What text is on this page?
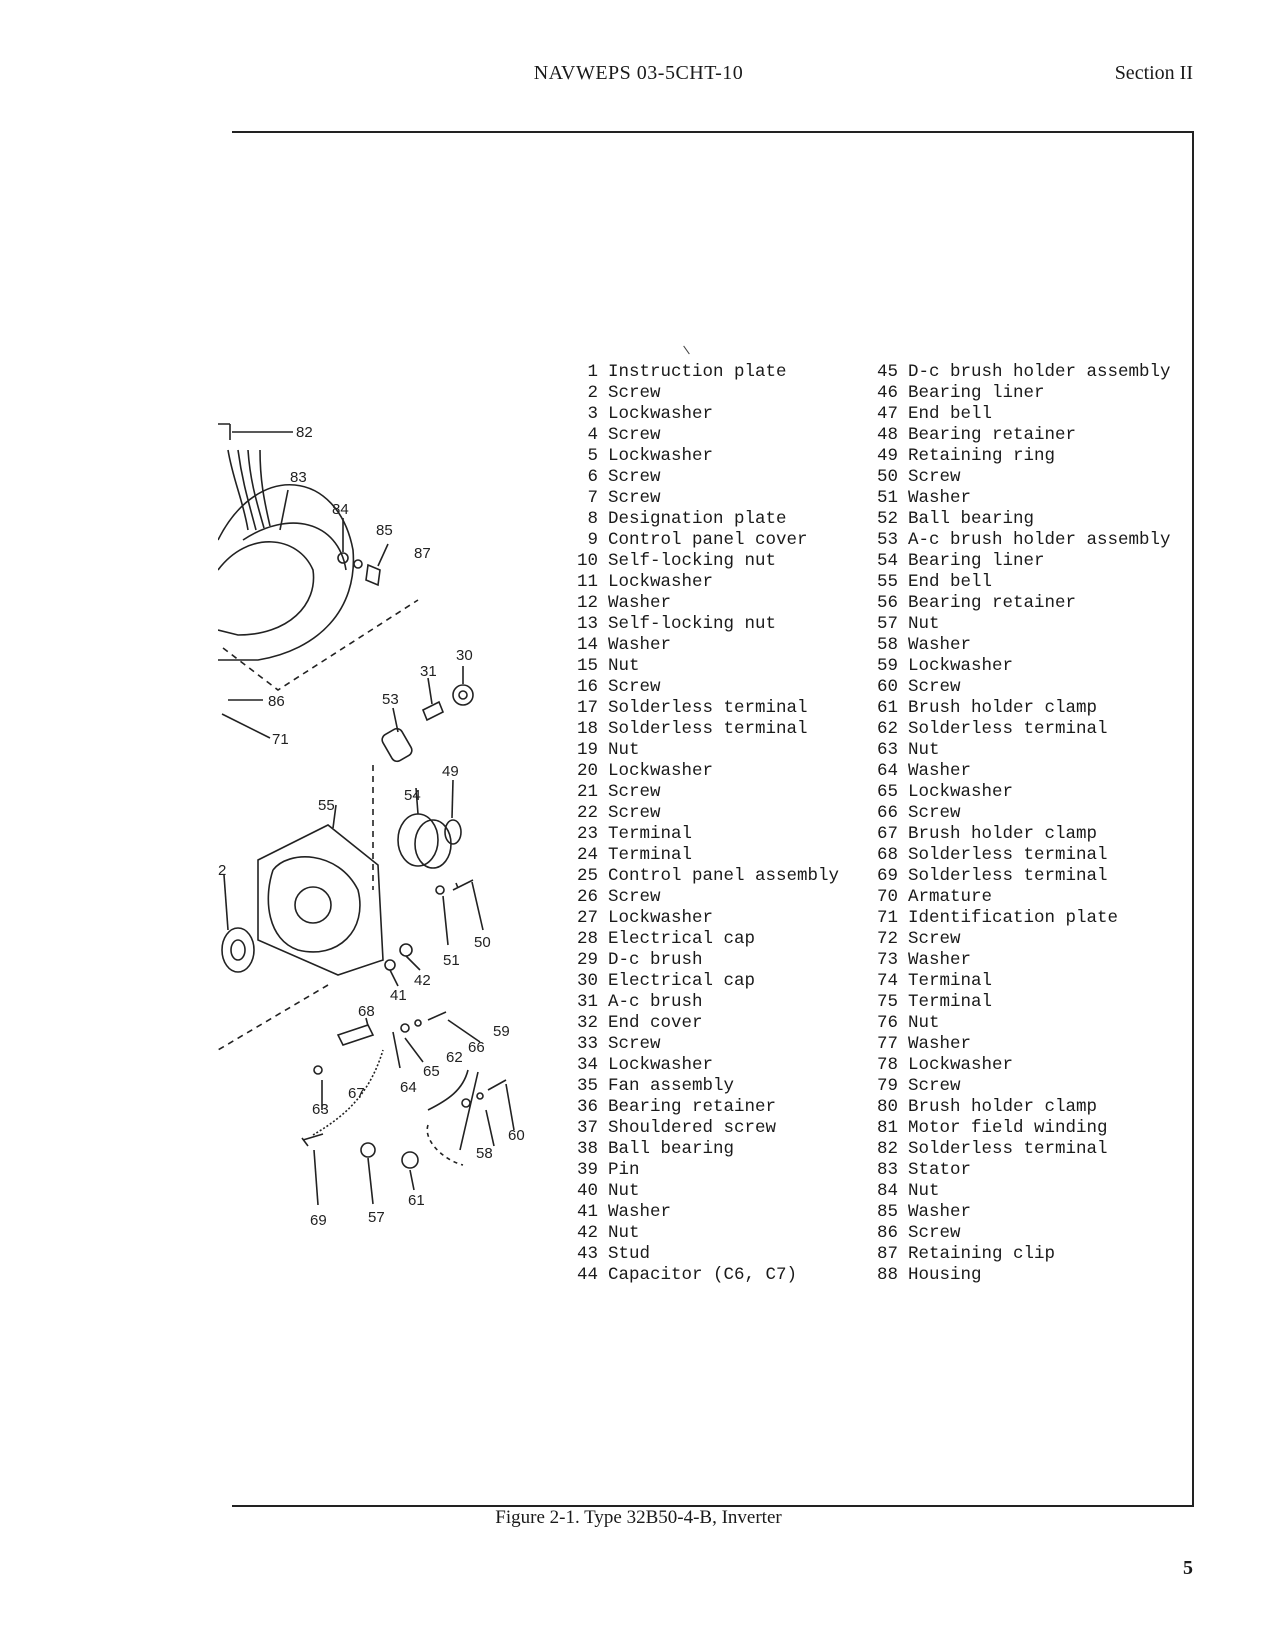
NAVWEPS 03-5CHT-10	Section II
82
83
84
85
87
30
31
53
86
71
49
54
55
2
50
51
42
41
68
66
59
65
62
67 64
63
60
58
61
69	57
1 Instruction plate
2 Screw
3 Lockwasher
4 Screw
5 Lockwasher
6 Screw
7 Screw
8 Designation plate
9 Control panel cover
10 Self-locking nut
11 Lockwasher
12 Washer
13 Self-locking nut
14 Washer
15 Nut
16 Screw
17 Solderless terminal
18 Solderless terminal
19 Nut
20 Lockwasher
21 Screw
22 Screw
23 Terminal
24 Terminal
25 Control panel assembly
26 Screw
27 Lockwasher
28 Electrical cap
29 D-c brush
30 Electrical cap
31 A-c brush
32 End cover
33 Screw
34 Lockwasher
35 Fan assembly
36 Bearing retainer
37 Shouldered screw
38 Ball bearing
39 Pin
40 Nut
41 Washer
42 Nut
43 Stud
44 Capacitor (C6, C7)
45 D-c brush holder assembly
46 Bearing liner
47 End bell
48 Bearing retainer
49 Retaining ring
50 Screw
51 Washer
52 Ball bearing
53 A-c brush holder assembly
54 Bearing liner
55 End bell
56 Bearing retainer
57 Nut
58 Washer
59 Lockwasher
60 Screw
61 Brush holder clamp
62 Solderless terminal
63 Nut
64 Washer
65 Lockwasher
66 Screw
67 Brush holder clamp
68 Solderless terminal
69 Solderless terminal
70 Armature
71 Identification plate
72 Screw
73 Washer
74 Terminal
75 Terminal
76 Nut
77 Washer
78 Lockwasher
79 Screw
80 Brush holder clamp
81 Motor field winding
82 Solderless terminal
83 Stator
84 Nut
85 Washer
86 Screw
87 Retaining clip
88 Housing
Figure 2-1. Type 32B50-4-B, Inverter
5
